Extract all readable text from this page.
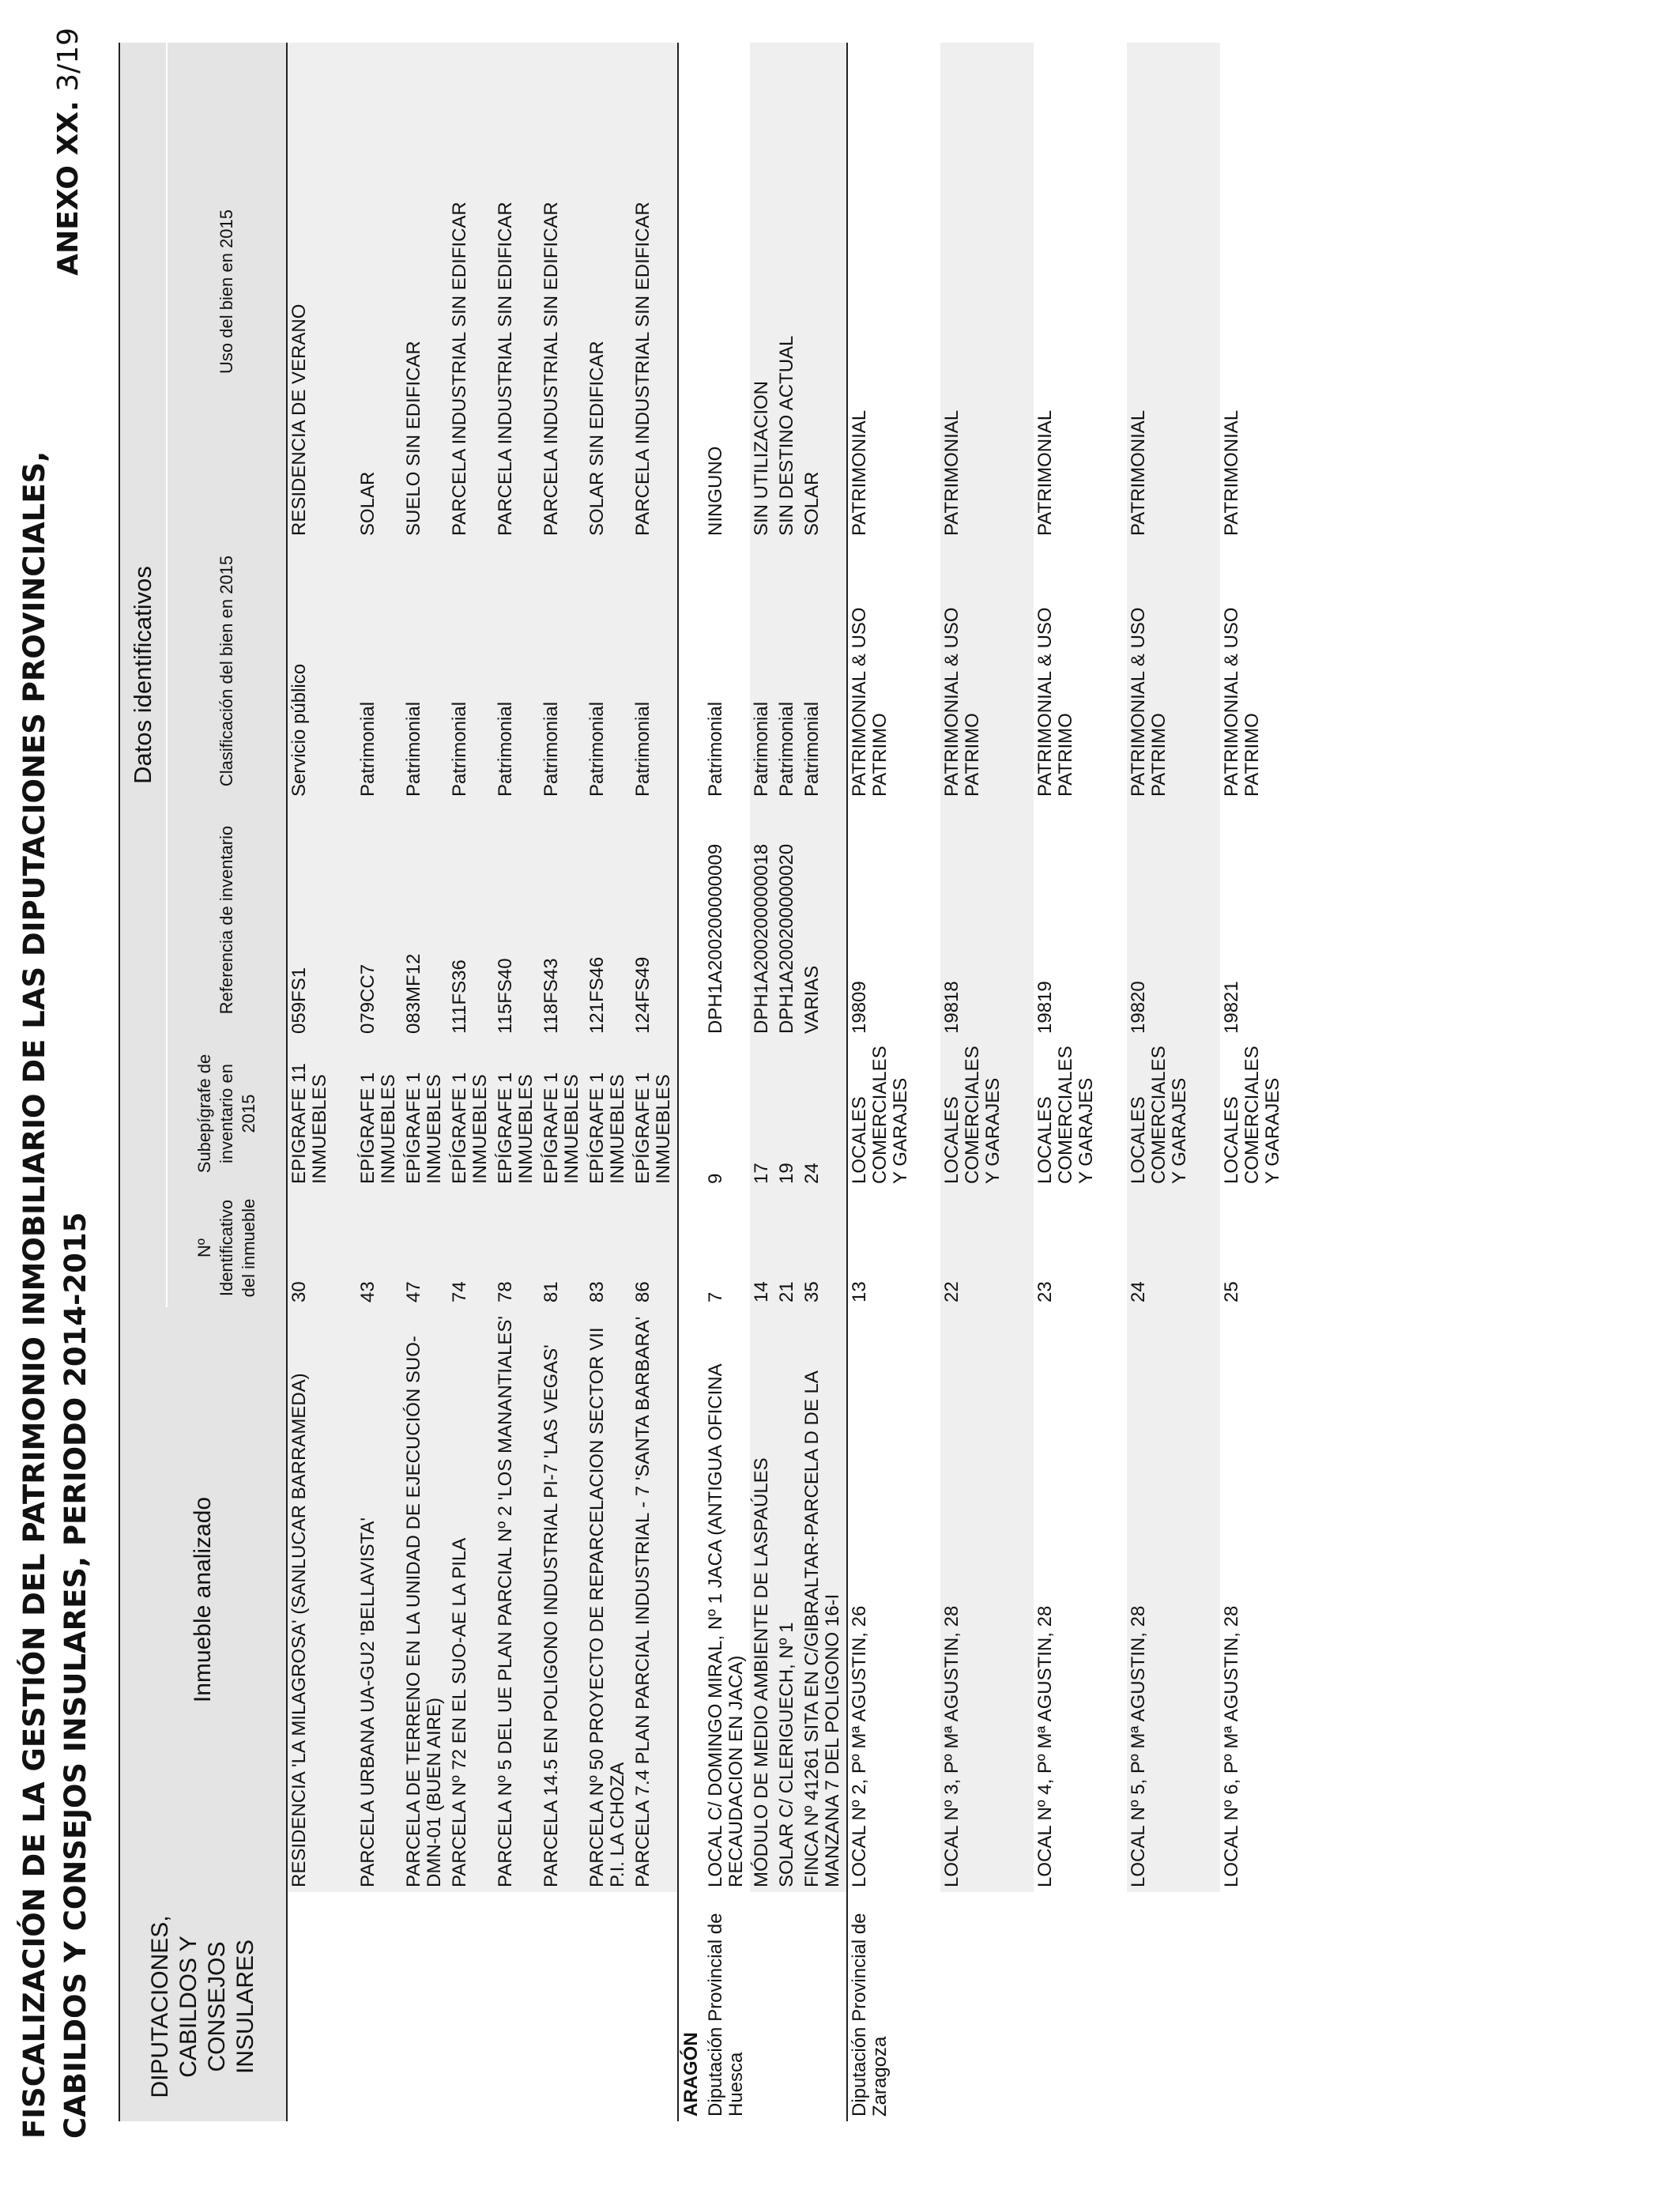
FISCALIZACIÓN DE LA GESTIÓN DEL PATRIMONIO INMOBILIARIO DE LAS DIPUTACIONES PROVINCIALES, CABILDOS Y CONSEJOS INSULARES, PERIODO 2014-2015
ANEXO XX. 3/19
DIPUTACIONES, CABILDOS Y CONSEJOS INSULARES	Inmueble analizado	Datos identificativos				
		Nº Identificativo del inmueble	Subepígrafe de inventario en 2015	Referencia de inventario	Clasificación del bien en 2015	Uso del bien en 2015
	RESIDENCIA 'LA MILAGROSA' (SANLUCAR BARRAMEDA)	30	EPIGRAFE 11 INMUEBLES	059FS1	Servicio público	RESIDENCIA DE VERANO
	PARCELA URBANA UA-GU2 'BELLAVISTA'	43	EPÍGRAFE 1 INMUEBLES	079CC7	Patrimonial	SOLAR
	PARCELA DE TERRENO EN LA UNIDAD DE EJECUCIÓN SUO-DMN-01 (BUEN AIRE)	47	EPÍGRAFE 1 INMUEBLES	083MF12	Patrimonial	SUELO SIN EDIFICAR
	PARCELA Nº 72 EN EL SUO-AE LA PILA	74	EPÍGRAFE 1 INMUEBLES	111FS36	Patrimonial	PARCELA INDUSTRIAL SIN EDIFICAR
	PARCELA Nº 5 DEL UE PLAN PARCIAL Nº 2 'LOS MANANTIALES'	78	EPÍGRAFE 1 INMUEBLES	115FS40	Patrimonial	PARCELA INDUSTRIAL SIN EDIFICAR
	PARCELA 14.5 EN POLIGONO INDUSTRIAL PI-7 'LAS VEGAS'	81	EPÍGRAFE 1 INMUEBLES	118FS43	Patrimonial	PARCELA INDUSTRIAL SIN EDIFICAR
	PARCELA Nº 50 PROYECTO DE REPARCELACION SECTOR VII P.I. LA CHOZA	83	EPÍGRAFE 1 INMUEBLES	121FS46	Patrimonial	SOLAR SIN EDIFICAR
	PARCELA 7.4 PLAN PARCIAL INDUSTRIAL - 7 'SANTA BARBARA'	86	EPÍGRAFE 1 INMUEBLES	124FS49	Patrimonial	PARCELA INDUSTRIAL SIN EDIFICAR
ARAGÓN						
Diputación Provincial de Huesca	LOCAL C/ DOMINGO MIRAL, Nº 1 JACA (ANTIGUA OFICINA RECAUDACION EN JACA)	7	9	DPH1A200200000009	Patrimonial	NINGUNO
	MÓDULO DE MEDIO AMBIENTE DE LASPAÚLES	14	17	DPH1A200200000018	Patrimonial	SIN UTILIZACION
	SOLAR C/ CLERIGUECH, Nº 1	21	19	DPH1A200200000020	Patrimonial	SIN DESTINO ACTUAL
	FINCA Nº 41261 SITA EN C/GIBRALTAR-PARCELA D DE LA MANZANA 7 DEL POLIGONO 16-I	35	24	VARIAS	Patrimonial	SOLAR
Diputación Provincial de Zaragoza	LOCAL Nº 2, Pº Mª AGUSTIN, 26	13	LOCALES COMERCIALES Y GARAJES	19809	PATRIMONIAL & USO PATRIMO	PATRIMONIAL
	LOCAL Nº 3, Pº Mª AGUSTIN, 28	22	LOCALES COMERCIALES Y GARAJES	19818	PATRIMONIAL & USO PATRIMO	PATRIMONIAL
	LOCAL Nº 4, Pº Mª AGUSTIN, 28	23	LOCALES COMERCIALES Y GARAJES	19819	PATRIMONIAL & USO PATRIMO	PATRIMONIAL
	LOCAL Nº 5, Pº Mª AGUSTIN, 28	24	LOCALES COMERCIALES Y GARAJES	19820	PATRIMONIAL & USO PATRIMO	PATRIMONIAL
	LOCAL Nº 6, Pº Mª AGUSTIN, 28	25	LOCALES COMERCIALES Y GARAJES	19821	PATRIMONIAL & USO PATRIMO	PATRIMONIAL
